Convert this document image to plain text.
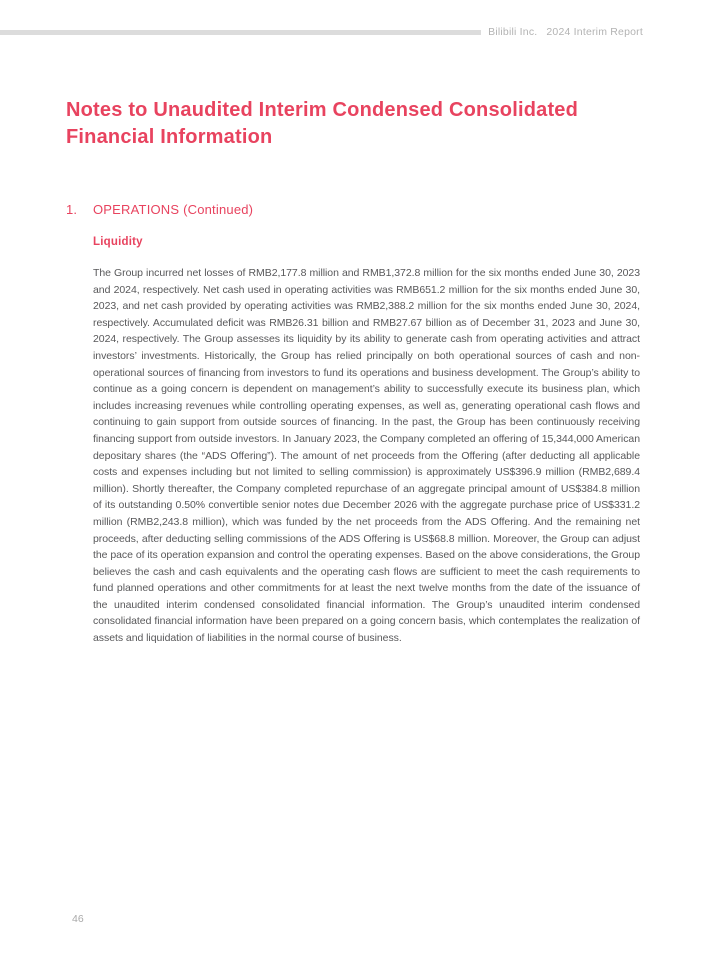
Bilibili Inc. 2024 Interim Report
Notes to Unaudited Interim Condensed Consolidated Financial Information
1.	OPERATIONS (Continued)
Liquidity

The Group incurred net losses of RMB2,177.8 million and RMB1,372.8 million for the six months ended June 30, 2023 and 2024, respectively. Net cash used in operating activities was RMB651.2 million for the six months ended June 30, 2023, and net cash provided by operating activities was RMB2,388.2 million for the six months ended June 30, 2024, respectively. Accumulated deficit was RMB26.31 billion and RMB27.67 billion as of December 31, 2023 and June 30, 2024, respectively. The Group assesses its liquidity by its ability to generate cash from operating activities and attract investors’ investments. Historically, the Group has relied principally on both operational sources of cash and non-operational sources of financing from investors to fund its operations and business development. The Group’s ability to continue as a going concern is dependent on management’s ability to successfully execute its business plan, which includes increasing revenues while controlling operating expenses, as well as, generating operational cash flows and continuing to gain support from outside sources of financing. In the past, the Group has been continuously receiving financing support from outside investors. In January 2023, the Company completed an offering of 15,344,000 American depositary shares (the “ADS Offering”). The amount of net proceeds from the Offering (after deducting all applicable costs and expenses including but not limited to selling commission) is approximately US$396.9 million (RMB2,689.4 million). Shortly thereafter, the Company completed repurchase of an aggregate principal amount of US$384.8 million of its outstanding 0.50% convertible senior notes due December 2026 with the aggregate purchase price of US$331.2 million (RMB2,243.8 million), which was funded by the net proceeds from the ADS Offering. And the remaining net proceeds, after deducting selling commissions of the ADS Offering is US$68.8 million. Moreover, the Group can adjust the pace of its operation expansion and control the operating expenses. Based on the above considerations, the Group believes the cash and cash equivalents and the operating cash flows are sufficient to meet the cash requirements to fund planned operations and other commitments for at least the next twelve months from the date of the issuance of the unaudited interim condensed consolidated financial information. The Group’s unaudited interim condensed consolidated financial information have been prepared on a going concern basis, which contemplates the realization of assets and liquidation of liabilities in the normal course of business.

46
